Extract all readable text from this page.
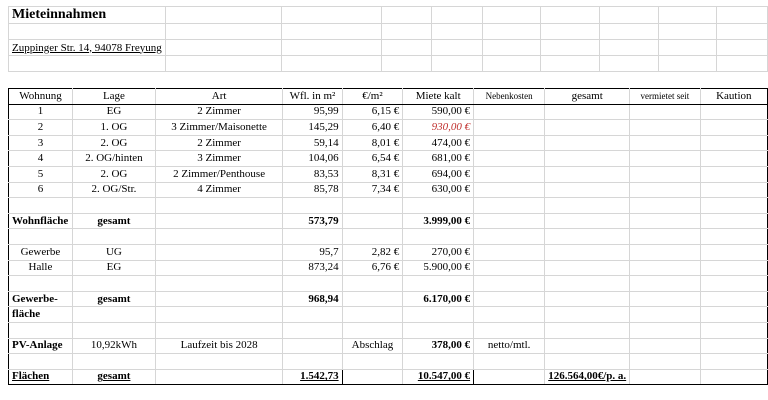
Mieteinnahmen									

Zuppinger Str. 14, 94078 Freyung									

Wohnung	Lage	Art	Wfl. in m²	€/m²	Miete kalt	Nebenkosten	gesamt	vermietet seit	Kaution
1	EG	2 Zimmer	95,99	6,15 €	590,00 €				
2	1. OG	3 Zimmer/Maisonette	145,29	6,40 €	930,00 €				
3	2. OG	2 Zimmer	59,14	8,01 €	474,00 €				
4	2. OG/hinten	3 Zimmer	104,06	6,54 €	681,00 €				
5	2. OG	2 Zimmer/Penthouse	83,53	8,31 €	694,00 €				
6	2. OG/Str.	4 Zimmer	85,78	7,34 €	630,00 €				

Wohnfläche	gesamt		573,79		3.999,00 €				

Gewerbe	UG		95,7	2,82 €	270,00 €				
Halle	EG		873,24	6,76 €	5.900,00 €				

Gewerbe-	gesamt		968,94		6.170,00 €				
fläche									

PV-Anlage	10,92kWh	Laufzeit bis 2028		Abschlag	378,00 €	netto/mtl.			

Flächen	gesamt		1.542,73		10.547,00 €		126.564,00€/p. a.		
